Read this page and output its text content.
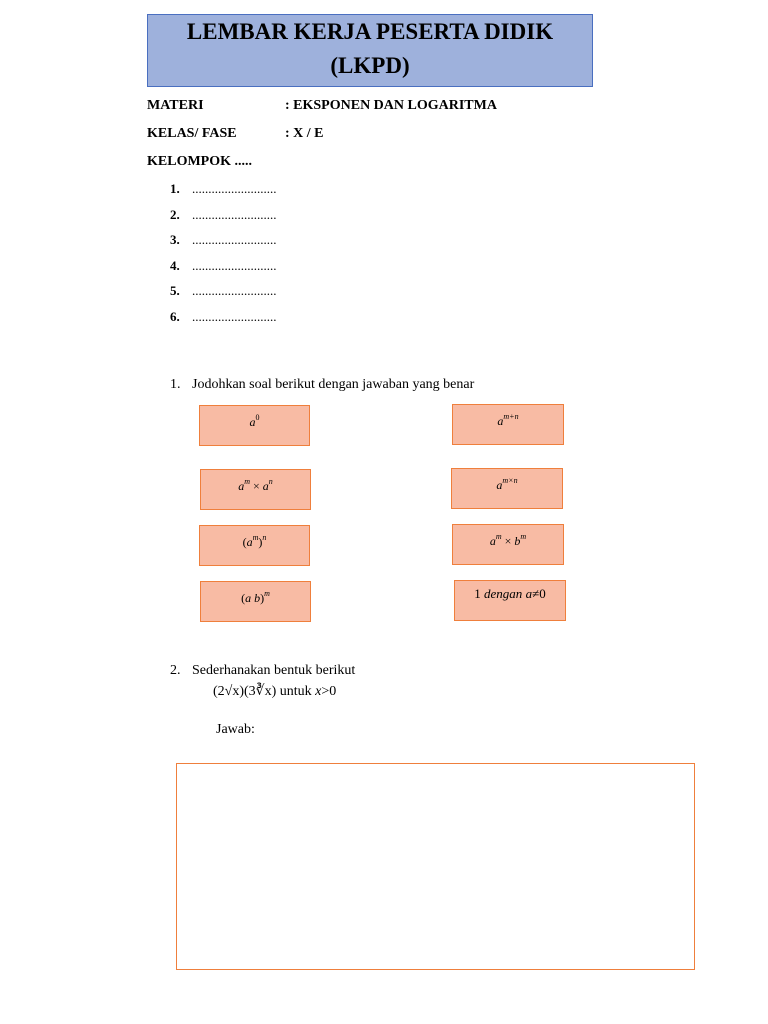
LEMBAR KERJA PESERTA DIDIK
(LKPD)
MATERI	: EKSPONEN DAN LOGARITMA
KELAS/ FASE	: X / E
KELOMPOK .....
1. ..........................
2. ..........................
3. ..........................
4. ..........................
5. ..........................
6. ..........................
1. Jodohkan soal berikut dengan jawaban yang benar
$a^0$
$a^m \times a^n$
$(a^m)^n$
(a b)$^m$
$a^{m+n}$
$a^{m\times n}$
$a^m \times b^m$
1 dengan a≠0
2. Sederhanakan bentuk berikut
(2√x)(3∛x) untuk x>0
Jawab:
